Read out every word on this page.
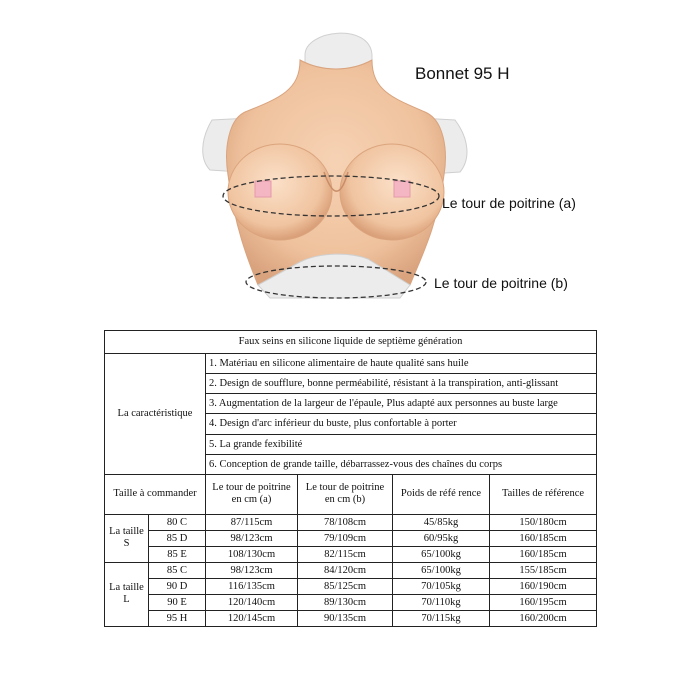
Bonnet 95 H
Le tour de poitrine (a)
Le tour de poitrine (b)
Faux seins en silicone liquide de septième génération					
La caractéristique		1. Matériau en silicone alimentaire de haute qualité sans huile			
		2. Design de soufflure, bonne perméabilité, résistant à la transpiration, anti-glissant			
		3. Augmentation de la largeur de l'épaule, Plus adapté aux personnes au buste large			
		4. Design d'arc inférieur du buste, plus confortable à porter			
		5. La grande fexibilité			
		6. Conception de grande taille, débarrassez-vous des chaînes du corps			
Taille à commander		Le tour de poitrine en cm (a)	Le tour de poitrine en cm (b)	Poids de réfé rence	Tailles de référence
La taille S	80 C	87/115cm	78/108cm	45/85kg	150/180cm
	85 D	98/123cm	79/109cm	60/95kg	160/185cm
	85 E	108/130cm	82/115cm	65/100kg	160/185cm
La taille L	85 C	98/123cm	84/120cm	65/100kg	155/185cm
	90 D	116/135cm	85/125cm	70/105kg	160/190cm
	90 E	120/140cm	89/130cm	70/110kg	160/195cm
	95 H	120/145cm	90/135cm	70/115kg	160/200cm
